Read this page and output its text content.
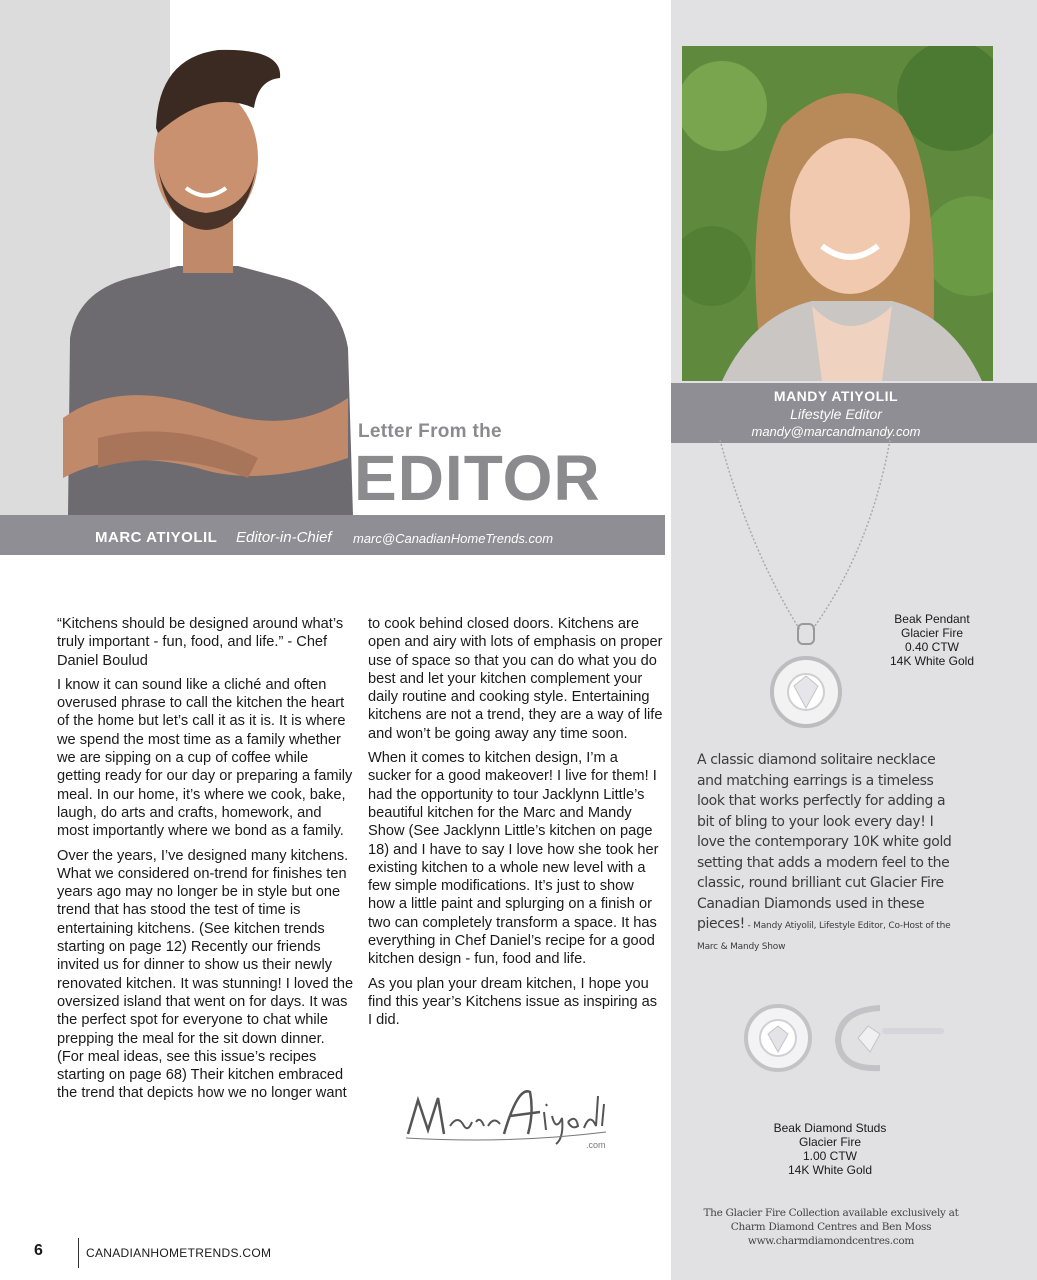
Letter From the
EDITOR
MARC ATIYOLIL Editor-in-Chief marc@CanadianHomeTrends.com

“Kitchens should be designed around what’s truly important - fun, food, and life.” - Chef Daniel Boulud

I know it can sound like a cliché and often overused phrase to call the kitchen the heart of the home but let’s call it as it is. It is where we spend the most time as a family whether we are sipping on a cup of coffee while getting ready for our day or preparing a family meal. In our home, it’s where we cook, bake, laugh, do arts and crafts, homework, and most importantly where we bond as a family.

Over the years, I’ve designed many kitchens. What we considered on-trend for finishes ten years ago may no longer be in style but one trend that has stood the test of time is entertaining kitchens. (See kitchen trends starting on page 12) Recently our friends invited us for dinner to show us their newly renovated kitchen. It was stunning! I loved the oversized island that went on for days. It was the perfect spot for everyone to chat while prepping the meal for the sit down dinner. (For meal ideas, see this issue’s recipes starting on page 68) Their kitchen embraced the trend that depicts how we no longer want

to cook behind closed doors. Kitchens are open and airy with lots of emphasis on proper use of space so that you can do what you do best and let your kitchen complement your daily routine and cooking style. Entertaining kitchens are not a trend, they are a way of life and won’t be going away any time soon.

When it comes to kitchen design, I’m a sucker for a good makeover! I live for them! I had the opportunity to tour Jacklynn Little’s beautiful kitchen for the Marc and Mandy Show (See Jacklynn Little’s kitchen on page 18) and I have to say I love how she took her existing kitchen to a whole new level with a few simple modifications. It’s just to show how a little paint and splurging on a finish or two can completely transform a space. It has everything in Chef Daniel’s recipe for a good kitchen design - fun, food and life.

As you plan your dream kitchen, I hope you find this year’s Kitchens issue as inspiring as I did.

.com
6	CANADIANHOMETRENDS.COM
MANDY ATIYOLIL
Lifestyle Editor
mandy@marcandmandy.com
Beak Pendant
Glacier Fire
0.40 CTW
14K White Gold
A classic diamond solitaire necklace and matching earrings is a timeless look that works perfectly for adding a bit of bling to your look every day! I love the contemporary 10K white gold setting that adds a modern feel to the classic, round brilliant cut Glacier Fire Canadian Diamonds used in these pieces! - Mandy Atiyolil, Lifestyle Editor, Co-Host of the Marc & Mandy Show
Beak Diamond Studs
Glacier Fire
1.00 CTW
14K White Gold
The Glacier Fire Collection available exclusively at
Charm Diamond Centres and Ben Moss
www.charmdiamondcentres.com
